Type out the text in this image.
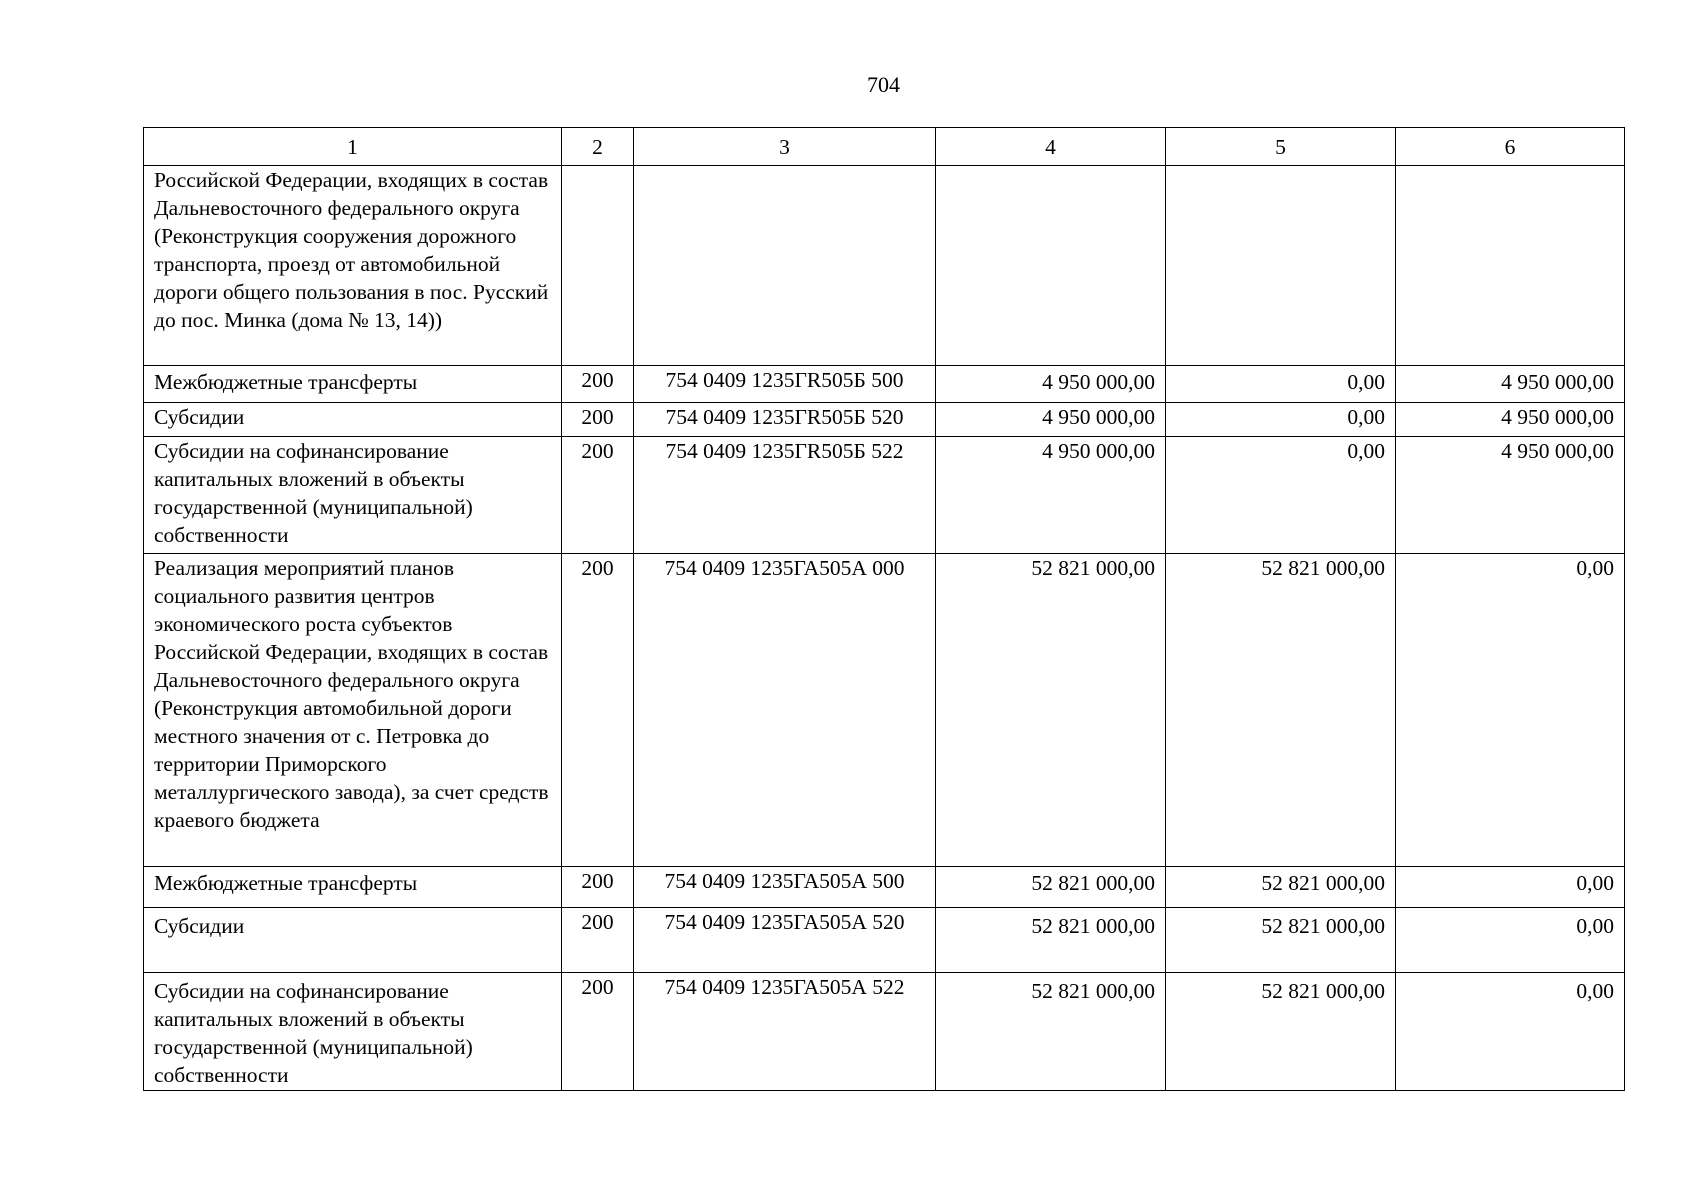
704
1	2	3	4	5	6
Российской Федерации, входящих в состав Дальневосточного федерального округа (Реконструкция сооружения дорожного транспорта, проезд от автомобильной дороги общего пользования в пос. Русский до пос. Минка (дома № 13, 14))					
Межбюджетные трансферты	200	754 0409 1235ГR505Б 500	4 950 000,00	0,00	4 950 000,00
Субсидии	200	754 0409 1235ГR505Б 520	4 950 000,00	0,00	4 950 000,00
Субсидии на софинансирование капитальных вложений в объекты государственной (муниципальной) собственности	200	754 0409 1235ГR505Б 522	4 950 000,00	0,00	4 950 000,00
Реализация мероприятий планов социального развития центров экономического роста субъектов Российской Федерации, входящих в состав Дальневосточного федерального округа (Реконструкция автомобильной дороги местного значения от с. Петровка до территории Приморского металлургического завода), за счет средств краевого бюджета	200	754 0409 1235ГА505А 000	52 821 000,00	52 821 000,00	0,00
Межбюджетные трансферты	200	754 0409 1235ГА505А 500	52 821 000,00	52 821 000,00	0,00
Субсидии	200	754 0409 1235ГА505А 520	52 821 000,00	52 821 000,00	0,00
Субсидии на софинансирование капитальных вложений в объекты государственной (муниципальной) собственности	200	754 0409 1235ГА505А 522	52 821 000,00	52 821 000,00	0,00
